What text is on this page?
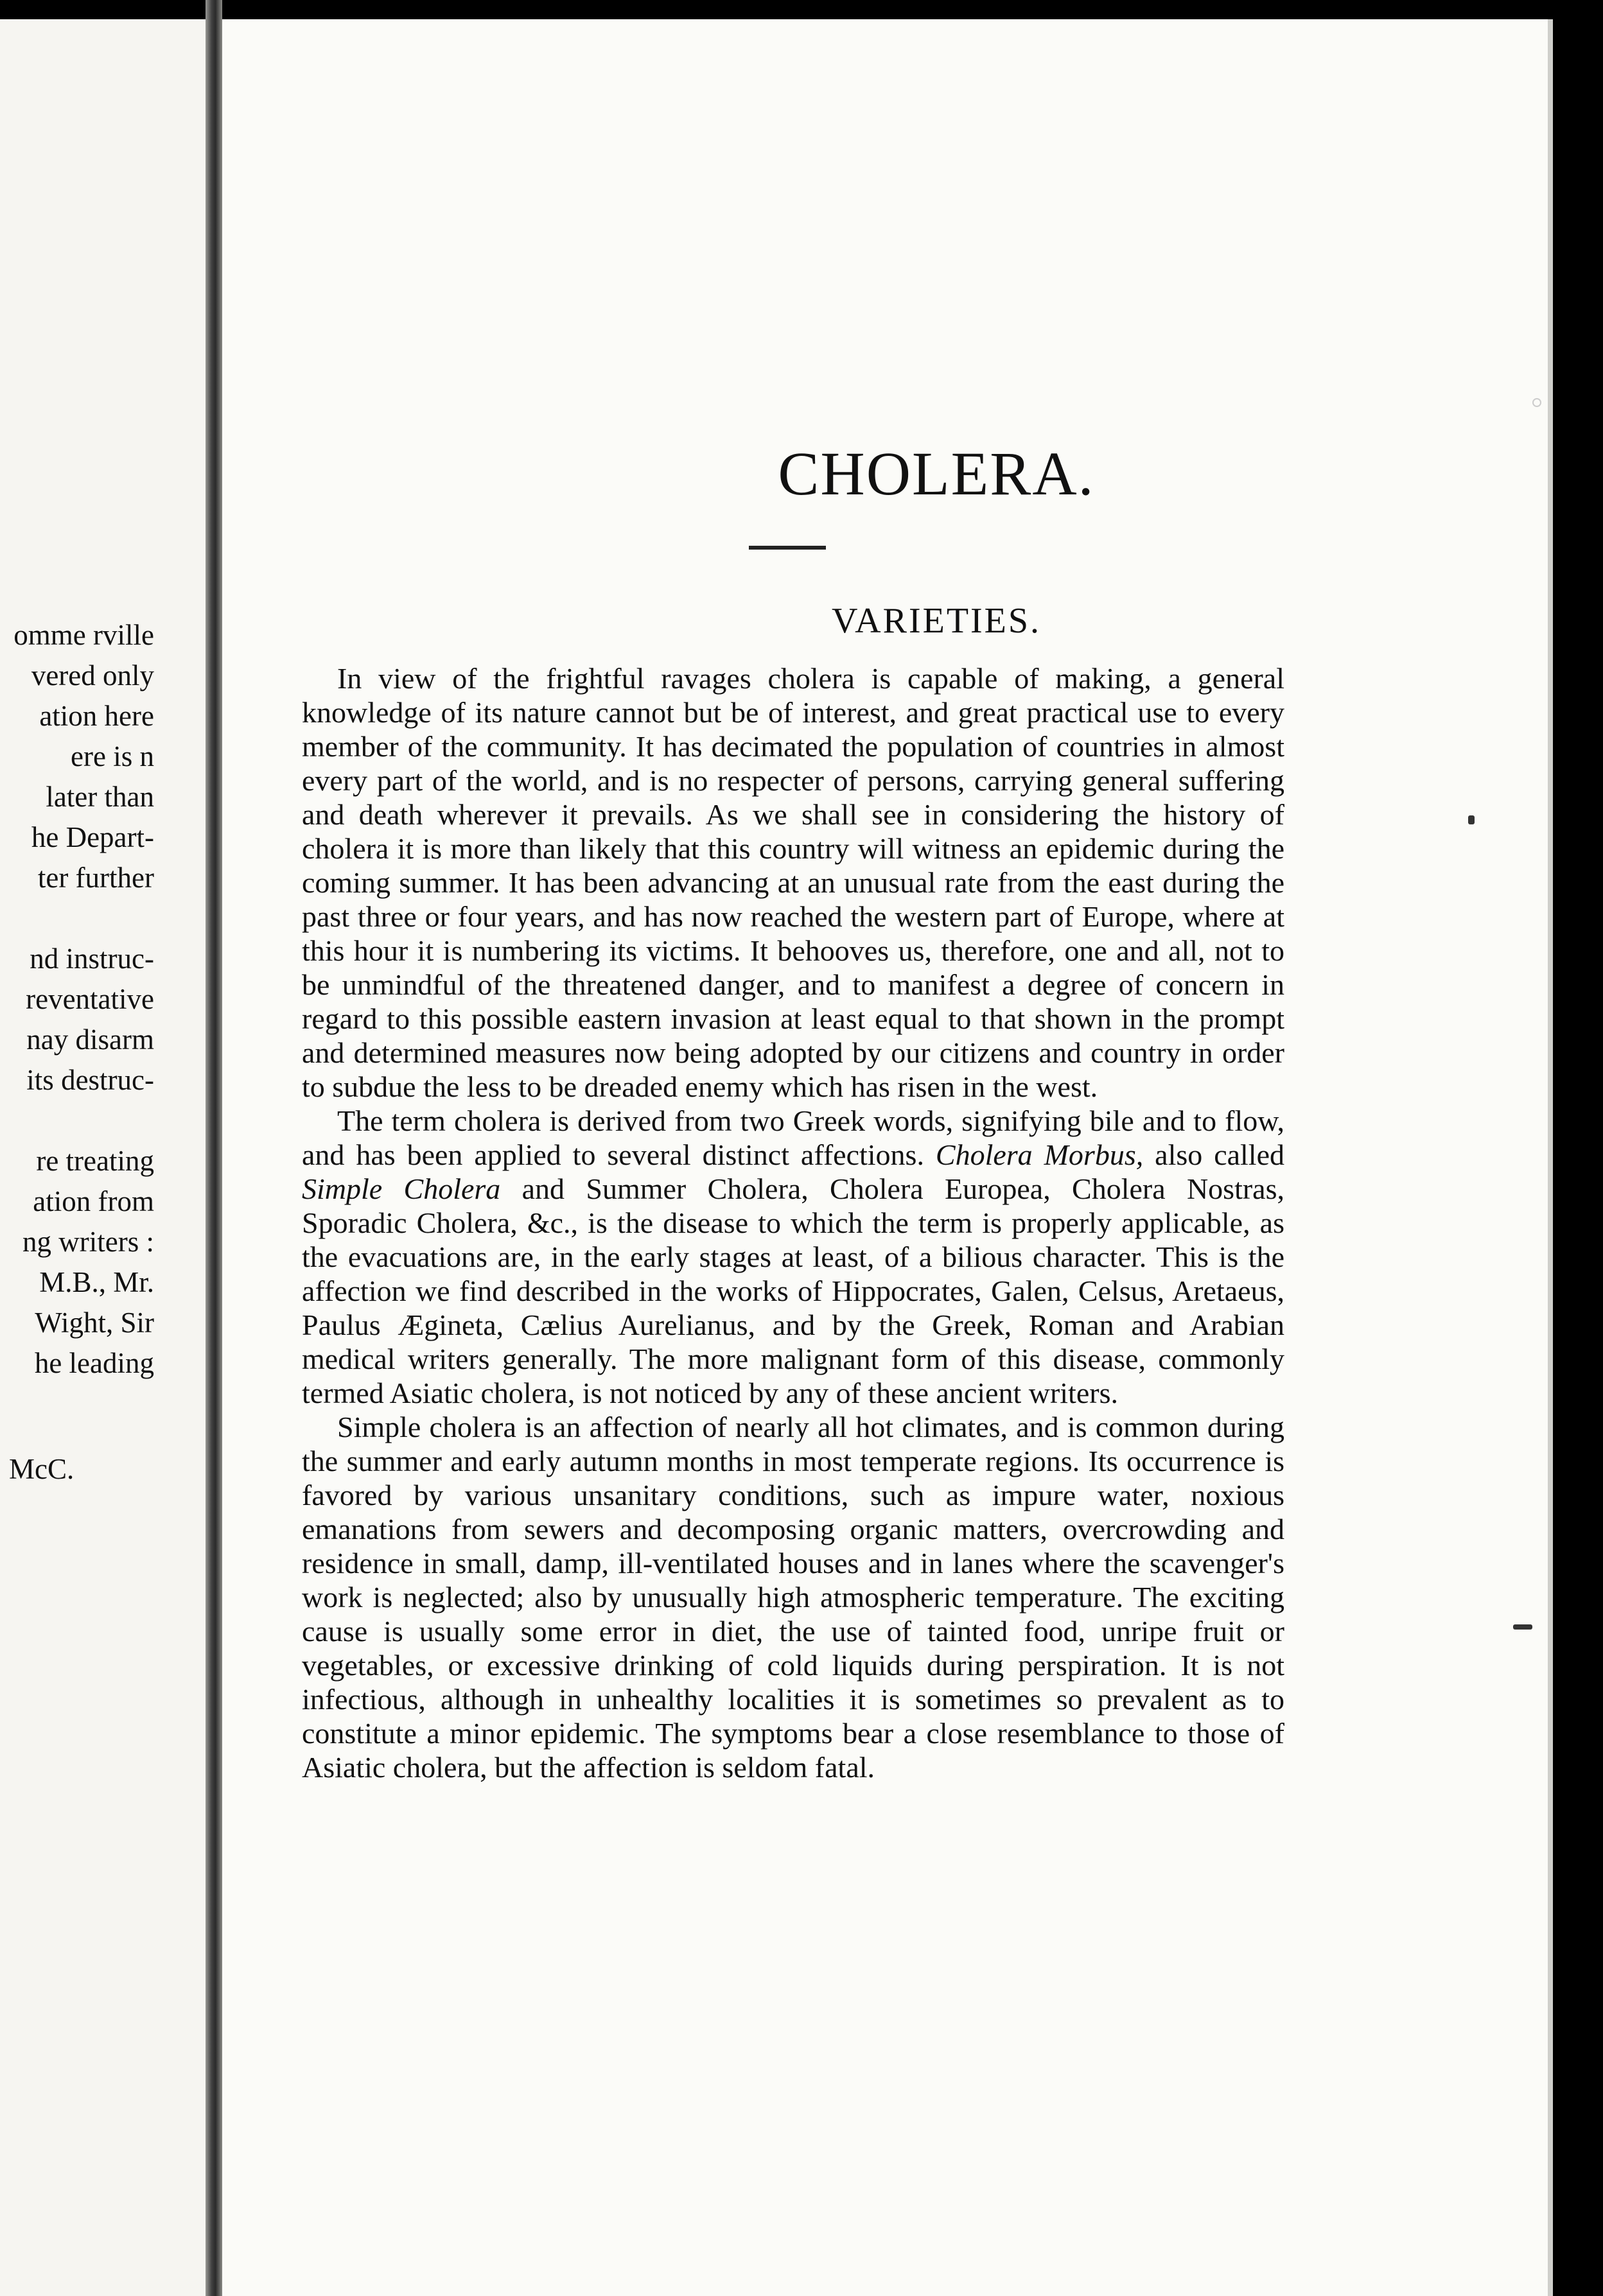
omme rville
vered only
ation here
ere is n
later than
he Depart-
ter further
nd instruc-
reventative
nay disarm
its destruc-
re treating
ation from
ng writers :
M.B., Mr.
Wight, Sir
he leading
McC.
CHOLERA.
VARIETIES.

In view of the frightful ravages cholera is capable of making, a general knowledge of its nature cannot but be of interest, and great practical use to every member of the community. It has decimated the population of countries in almost every part of the world, and is no respecter of persons, carrying general suffering and death wherever it prevails. As we shall see in considering the history of cholera it is more than likely that this country will witness an epidemic during the coming summer. It has been advancing at an unusual rate from the east during the past three or four years, and has now reached the western part of Europe, where at this hour it is numbering its victims. It behooves us, therefore, one and all, not to be unmindful of the threatened danger, and to manifest a degree of concern in regard to this possible eastern invasion at least equal to that shown in the prompt and determined measures now being adopted by our citizens and country in order to subdue the less to be dreaded enemy which has risen in the west.

The term cholera is derived from two Greek words, signifying bile and to flow, and has been applied to several distinct affections. Cholera Morbus, also called Simple Cholera and Summer Cholera, Cholera Europea, Cholera Nostras, Sporadic Cholera, &c., is the disease to which the term is properly applicable, as the evacuations are, in the early stages at least, of a bilious character. This is the affection we find described in the works of Hippocrates, Galen, Celsus, Aretaeus, Paulus Ægineta, Cælius Aurelianus, and by the Greek, Roman and Arabian medical writers generally. The more malignant form of this disease, commonly termed Asiatic cholera, is not noticed by any of these ancient writers.

Simple cholera is an affection of nearly all hot climates, and is common during the summer and early autumn months in most temperate regions. Its occurrence is favored by various unsanitary conditions, such as impure water, noxious emanations from sewers and decomposing organic matters, overcrowding and residence in small, damp, ill-ventilated houses and in lanes where the scavenger's work is neglected; also by unusually high atmospheric temperature. The exciting cause is usually some error in diet, the use of tainted food, unripe fruit or vegetables, or excessive drinking of cold liquids during perspiration. It is not infectious, although in unhealthy localities it is sometimes so prevalent as to constitute a minor epidemic. The symptoms bear a close resemblance to those of Asiatic cholera, but the affection is seldom fatal.
